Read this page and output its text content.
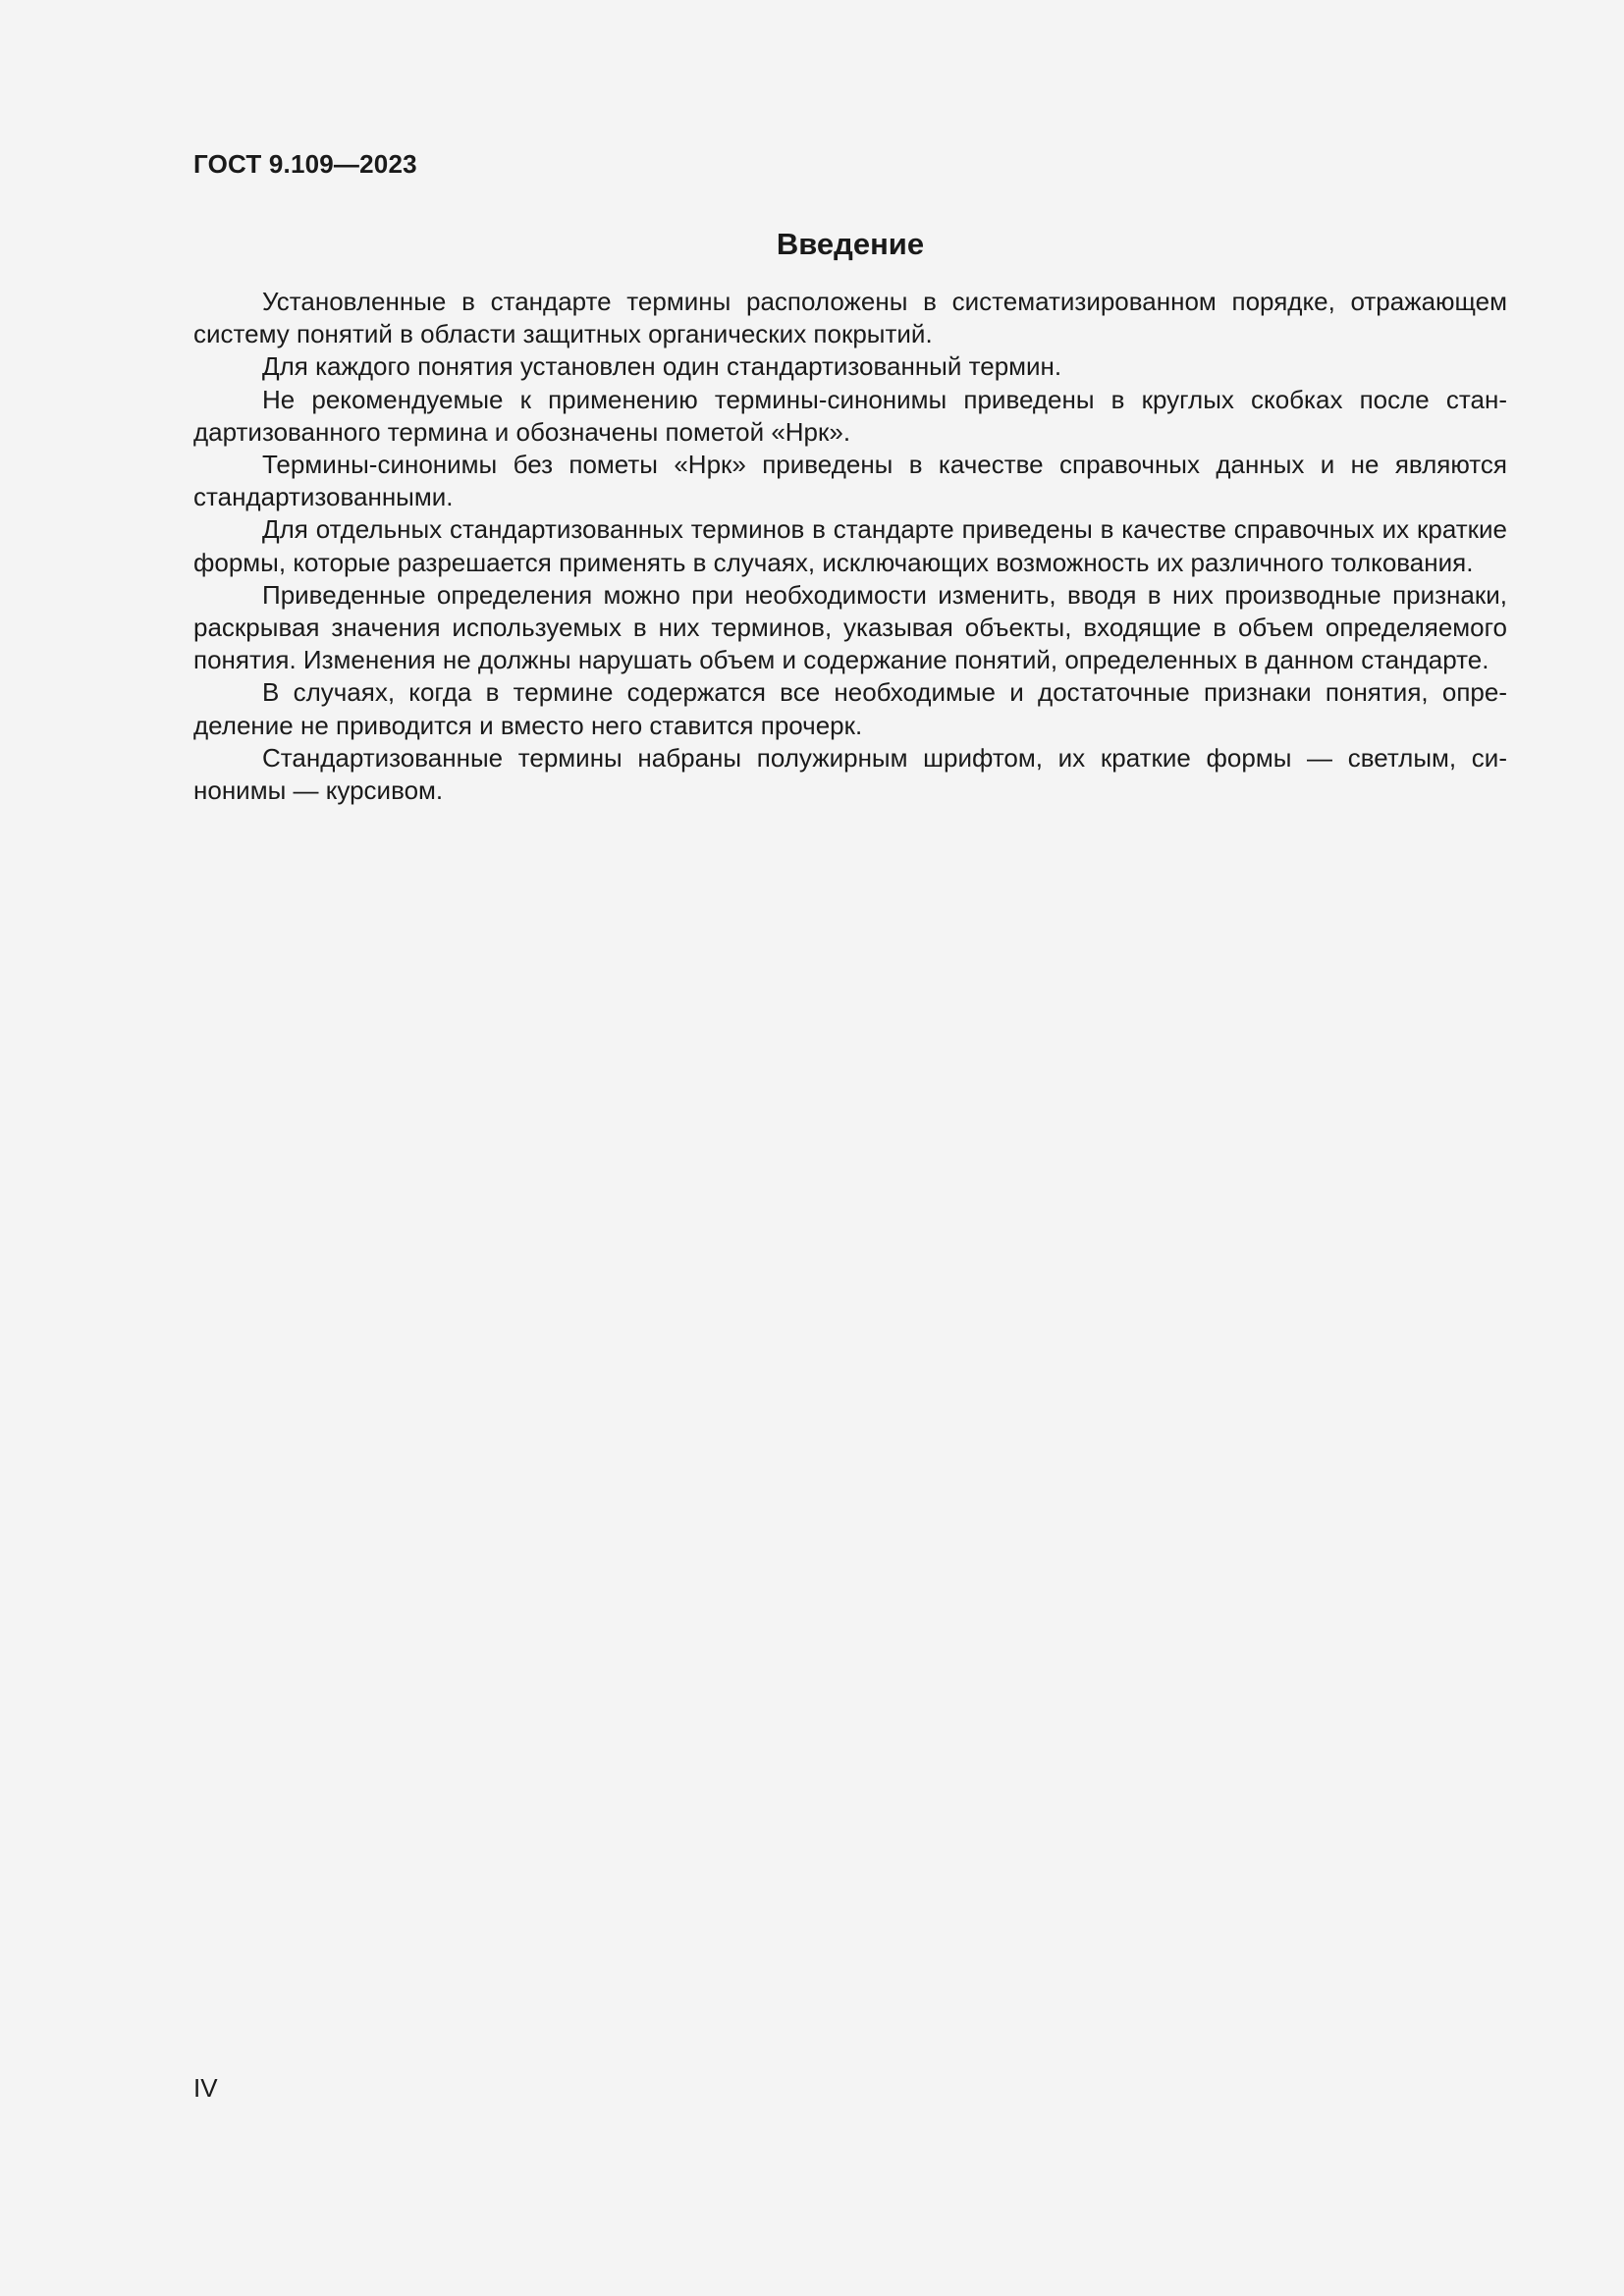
ГОСТ 9.109—2023
Введение

Установленные в стандарте термины расположены в систематизированном порядке, отражающем систему понятий в области защитных органических покрытий.

Для каждого понятия установлен один стандартизованный термин.

Не рекомендуемые к применению термины-синонимы приведены в круглых скобках после стандартизованного термина и обозначены пометой «Нрк».

Термины-синонимы без пометы «Нрк» приведены в качестве справочных данных и не являются стандартизованными.

Для отдельных стандартизованных терминов в стандарте приведены в качестве справочных их краткие формы, которые разрешается применять в случаях, исключающих возможность их различного толкования.

Приведенные определения можно при необходимости изменить, вводя в них производные признаки, раскрывая значения используемых в них терминов, указывая объекты, входящие в объем определяемого понятия. Изменения не должны нарушать объем и содержание понятий, определенных в данном стандарте.

В случаях, когда в термине содержатся все необходимые и достаточные признаки понятия, определение не приводится и вместо него ставится прочерк.

Стандартизованные термины набраны полужирным шрифтом, их краткие формы — светлым, синонимы — курсивом.

IV
